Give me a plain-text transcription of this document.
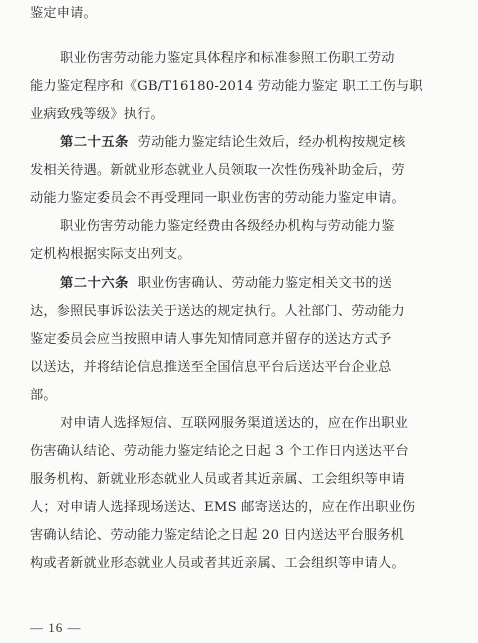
鉴定申请。
职业伤害劳动能力鉴定具体程序和标准参照工伤职工劳动
能力鉴定程序和《GB/T16180-2014 劳动能力鉴定 职工工伤与职
业病致残等级》执行。
第二十五条 劳动能力鉴定结论生效后，经办机构按规定核
发相关待遇。新就业形态就业人员领取一次性伤残补助金后，劳
动能力鉴定委员会不再受理同一职业伤害的劳动能力鉴定申请。
职业伤害劳动能力鉴定经费由各级经办机构与劳动能力鉴
定机构根据实际支出列支。
第二十六条 职业伤害确认、劳动能力鉴定相关文书的送
达，参照民事诉讼法关于送达的规定执行。人社部门、劳动能力
鉴定委员会应当按照申请人事先知情同意并留存的送达方式予
以送达，并将结论信息推送至全国信息平台后送达平台企业总
部。
对申请人选择短信、互联网服务渠道送达的，应在作出职业
伤害确认结论、劳动能力鉴定结论之日起 3 个工作日内送达平台
服务机构、新就业形态就业人员或者其近亲属、工会组织等申请
人；对申请人选择现场送达、EMS 邮寄送达的，应在作出职业伤
害确认结论、劳动能力鉴定结论之日起 20 日内送达平台服务机
构或者新就业形态就业人员或者其近亲属、工会组织等申请人。
— 16 —
